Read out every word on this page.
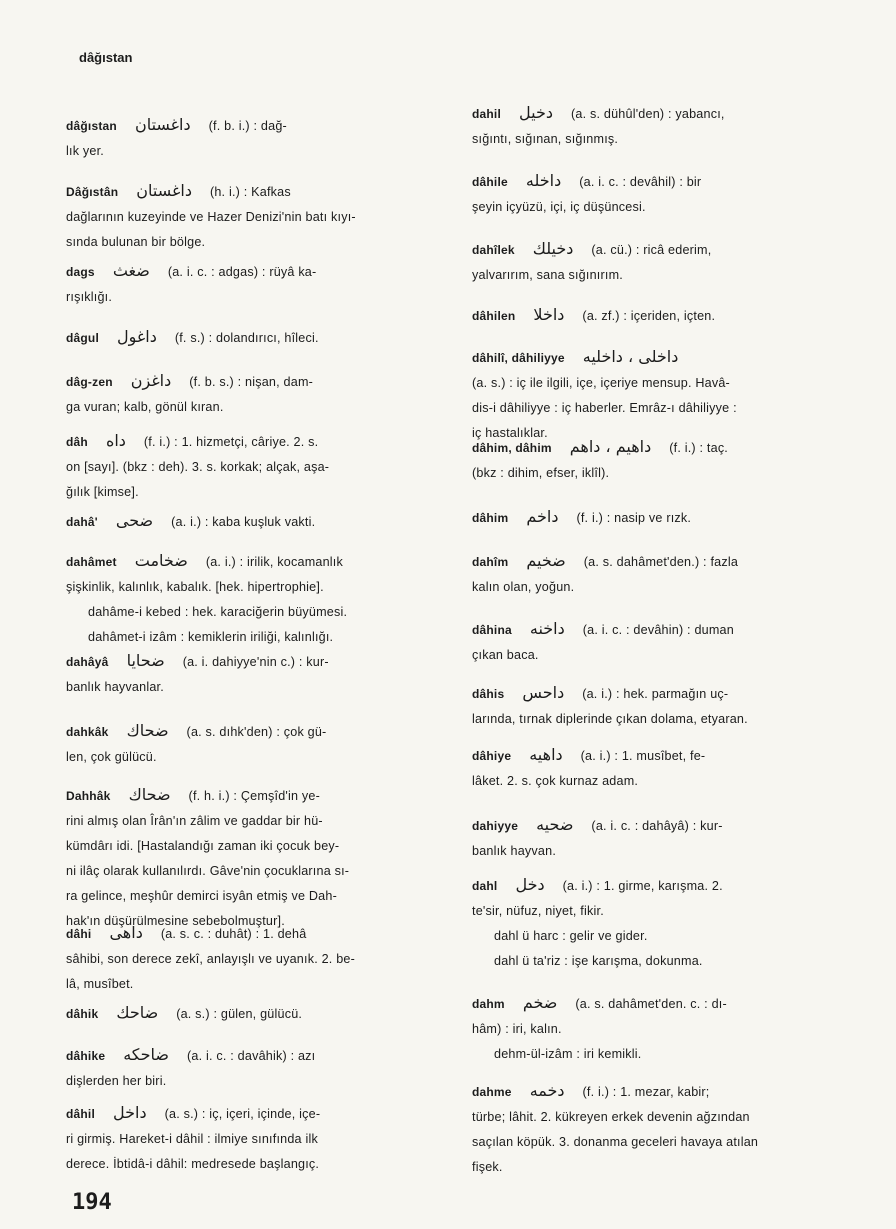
dâğıstan
dâğıstan داغستان (f. b. i.) : dağ-
lık yer.
Dâğıstân داغستان (h. i.) : Kafkas
dağlarının kuzeyinde ve Hazer Denizi'nin batı kıyı-
sında bulunan bir bölge.
dags ضغث (a. i. c. : adgas) : rüyâ ka-
rışıklığı.
dâgul داغول (f. s.) : dolandırıcı, hîleci.
dâg-zen داغزن (f. b. s.) : nişan, dam-
ga vuran; kalb, gönül kıran.
dâh داه (f. i.) : 1. hizmetçi, câriye. 2. s.
on [sayı]. (bkz : deh). 3. s. korkak; alçak, aşa-
ğılık [kimse].
dahâ' ضحى (a. i.) : kaba kuşluk vakti.
dahâmet ضخامت (a. i.) : irilik, kocamanlık
şişkinlik, kalınlık, kabalık. [hek. hipertrophie].
dahâme-i kebed : hek. karaciğerin büyümesi.
dahâmet-i izâm : kemiklerin iriliği, kalınlığı.
dahâyâ ضحايا (a. i. dahiyye'nin c.) : kur-
banlık hayvanlar.
dahkâk ضحاك (a. s. dıhk'den) : çok gü-
len, çok gülücü.
Dahhâk ضحاك (f. h. i.) : Çemşîd'in ye-
rini almış olan Îrân'ın zâlim ve gaddar bir hü-
kümdârı idi. [Hastalandığı zaman iki çocuk bey-
ni ilâç olarak kullanılırdı. Gâve'nin çocuklarına sı-
ra gelince, meşhûr demirci isyân etmiş ve Dah-
hak'ın düşürülmesine sebebolmuştur].
dâhi داهى (a. s. c. : duhât) : 1. dehâ
sâhibi, son derece zekî, anlayışlı ve uyanık. 2. be-
lâ, musîbet.
dâhik ضاحك (a. s.) : gülen, gülücü.
dâhike ضاحكه (a. i. c. : davâhik) : azı
dişlerden her biri.
dâhil داخل (a. s.) : iç, içeri, içinde, içe-
ri girmiş. Hareket-i dâhil : ilmiye sınıfında ilk
derece. İbtidâ-i dâhil: medresede başlangıç.
dahil دخيل (a. s. dühûl'den) : yabancı,
sığıntı, sığınan, sığınmış.
dâhile داخله (a. i. c. : devâhil) : bir
şeyin içyüzü, içi, iç düşüncesi.
dahîlek دخيلك (a. cü.) : ricâ ederim,
yalvarırım, sana sığınırım.
dâhilen داخلا (a. zf.) : içeriden, içten.
dâhilî, dâhiliyye داخلى ، داخليه
(a. s.) : iç ile ilgili, içe, içeriye mensup. Havâ-
dis-i dâhiliyye : iç haberler. Emrâz-ı dâhiliyye :
iç hastalıklar.
dâhim, dâhim داهيم ، داهم (f. i.) : taç.
(bkz : dihim, efser, iklîl).
dâhim داخم (f. i.) : nasip ve rızk.
dahîm ضخيم (a. s. dahâmet'den.) : fazla
kalın olan, yoğun.
dâhina داخنه (a. i. c. : devâhin) : duman
çıkan baca.
dâhis داحس (a. i.) : hek. parmağın uç-
larında, tırnak diplerinde çıkan dolama, etyaran.
dâhiye داهيه (a. i.) : 1. musîbet, fe-
lâket. 2. s. çok kurnaz adam.
dahiyye ضحيه (a. i. c. : dahâyâ) : kur-
banlık hayvan.
dahl دخل (a. i.) : 1. girme, karışma. 2.
te'sir, nüfuz, niyet, fikir.
dahl ü harc : gelir ve gider.
dahl ü ta'riz : işe karışma, dokunma.
dahm ضخم (a. s. dahâmet'den. c. : dı-
hâm) : iri, kalın.
dehm-ül-izâm : iri kemikli.
dahme دخمه (f. i.) : 1. mezar, kabir;
türbe; lâhit. 2. kükreyen erkek devenin ağzından
saçılan köpük. 3. donanma geceleri havaya atılan
fişek.
194
